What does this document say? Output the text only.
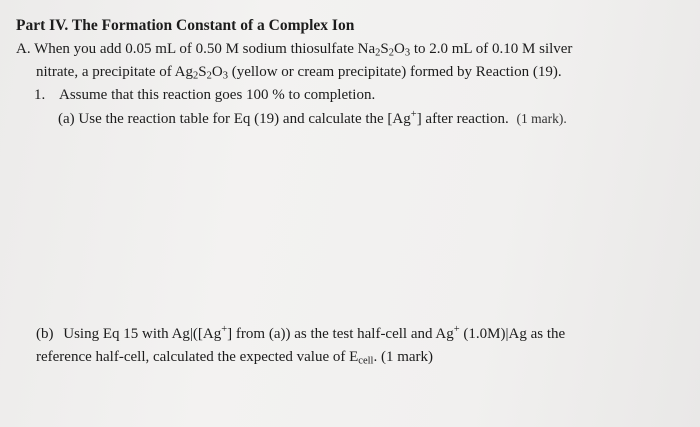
Part IV. The Formation Constant of a Complex Ion
A. When you add 0.05 mL of 0.50 M sodium thiosulfate $Na_2S_2O_3$ to 2.0 mL of 0.10 M silver
nitrate, a precipitate of $Ag_2S_2O_3$ (yellow or cream precipitate) formed by Reaction (19).
1. Assume that this reaction goes 100 % to completion.
(a) Use the reaction table for Eq (19) and calculate the [Ag+] after reaction. (1 mark).
(b) Using Eq 15 with Ag|([Ag+] from (a)) as the test half-cell and Ag+ (1.0M)|Ag as the
reference half-cell, calculated the expected value of $E_{cell}$. (1 mark)
